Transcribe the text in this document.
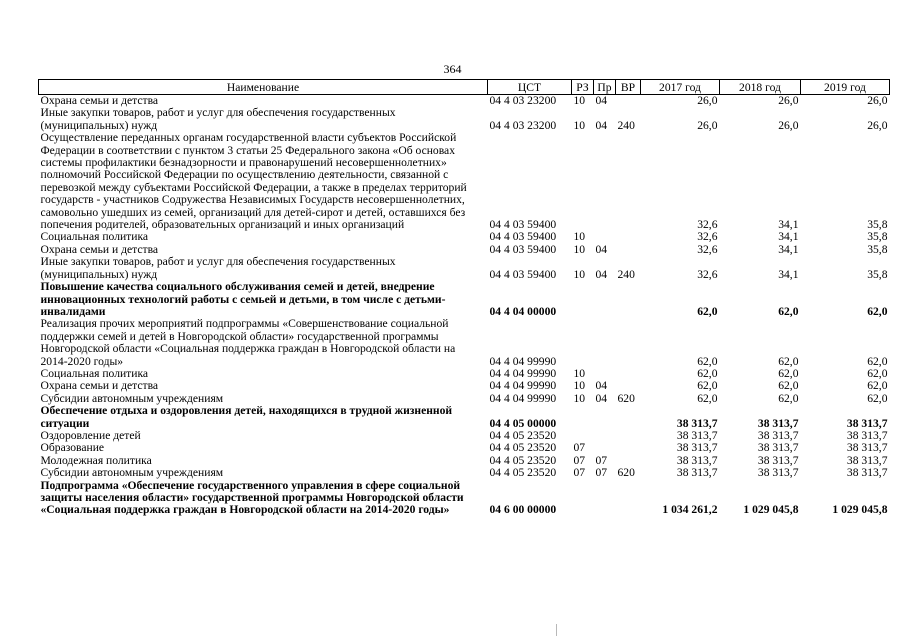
364
Наименование	ЦСТ	РЗ	Пр	ВР	2017 год	2018 год	2019 год
Охрана семьи и детства	04 4 03 23200	10	04		26,0	26,0	26,0
Иные закупки товаров, работ и услуг для обеспечения государственных (муниципальных) нужд	04 4 03 23200	10	04	240	26,0	26,0	26,0
Осуществление переданных органам государственной власти субъектов Российской Федерации в соответствии с пунктом 3 статьи 25 Федерального закона «Об основах системы профилактики безнадзорности и правонарушений несовершеннолетних» полномочий Российской Федерации по осуществлению деятельности, связанной с перевозкой между субъектами Российской Федерации, а также в пределах территорий государств - участников Содружества Независимых Государств несовершеннолетних, самовольно ушедших из семей, организаций для детей-сирот и детей, оставшихся без попечения родителей, образовательных организаций и иных организаций	04 4 03 59400				32,6	34,1	35,8
Социальная политика	04 4 03 59400	10			32,6	34,1	35,8
Охрана семьи и детства	04 4 03 59400	10	04		32,6	34,1	35,8
Иные закупки товаров, работ и услуг для обеспечения государственных (муниципальных) нужд	04 4 03 59400	10	04	240	32,6	34,1	35,8
Повышение качества социального обслуживания семей и детей, внедрение инновационных технологий работы с семьей и детьми, в том числе с детьми-инвалидами	04 4 04 00000				62,0	62,0	62,0
Реализация прочих мероприятий подпрограммы «Совершенствование социальной поддержки семей и детей в Новгородской области» государственной программы Новгородской области «Социальная поддержка граждан в Новгородской области на 2014-2020 годы»	04 4 04 99990				62,0	62,0	62,0
Социальная политика	04 4 04 99990	10			62,0	62,0	62,0
Охрана семьи и детства	04 4 04 99990	10	04		62,0	62,0	62,0
Субсидии автономным учреждениям	04 4 04 99990	10	04	620	62,0	62,0	62,0
Обеспечение отдыха и оздоровления детей, находящихся в трудной жизненной ситуации	04 4 05 00000				38 313,7	38 313,7	38 313,7
Оздоровление детей	04 4 05 23520				38 313,7	38 313,7	38 313,7
Образование	04 4 05 23520	07			38 313,7	38 313,7	38 313,7
Молодежная политика	04 4 05 23520	07	07		38 313,7	38 313,7	38 313,7
Субсидии автономным учреждениям	04 4 05 23520	07	07	620	38 313,7	38 313,7	38 313,7
Подпрограмма «Обеспечение государственного управления в сфере социальной защиты населения области» государственной программы Новгородской области «Социальная поддержка граждан в Новгородской области на 2014-2020 годы»	04 6 00 00000				1 034 261,2	1 029 045,8	1 029 045,8
